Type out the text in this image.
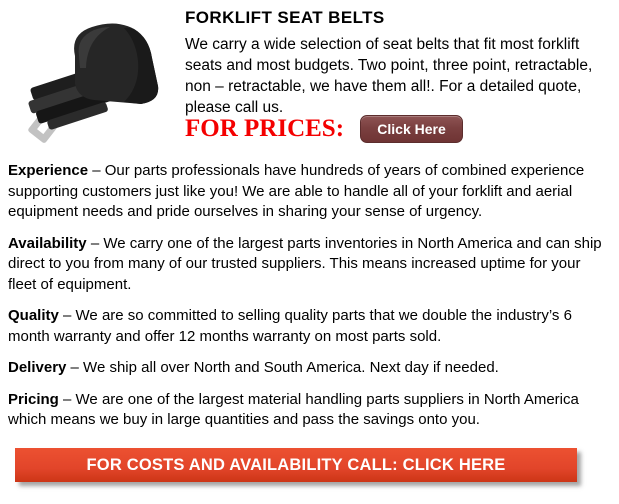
FORKLIFT SEAT BELTS

We carry a wide selection of seat belts that fit most forklift seats and most budgets. Two point, three point, retractable, non – retractable, we have them all!. For a detailed quote, please call us.

FOR PRICES:	Click Here

Experience – Our parts professionals have hundreds of years of combined experience supporting customers just like you! We are able to handle all of your forklift and aerial equipment needs and pride ourselves in sharing your sense of urgency.

Availability – We carry one of the largest parts inventories in North America and can ship direct to you from many of our trusted suppliers. This means increased uptime for your fleet of equipment.

Quality – We are so committed to selling quality parts that we double the industry’s 6 month warranty and offer 12 months warranty on most parts sold.

Delivery – We ship all over North and South America. Next day if needed.

Pricing – We are one of the largest material handling parts suppliers in North America which means we buy in large quantities and pass the savings onto you.

FOR COSTS AND AVAILABILITY CALL: CLICK HERE
